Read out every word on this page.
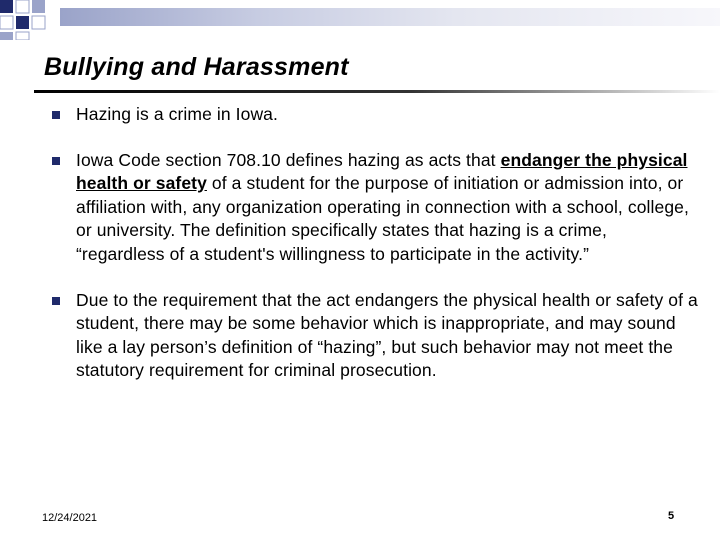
Bullying and Harassment
Hazing is a crime in Iowa.
Iowa Code section 708.10 defines hazing as acts that endanger the physical health or safety of a student for the purpose of initiation or admission into, or affiliation with, any organization operating in connection with a school, college, or university. The definition specifically states that hazing is a crime, “regardless of a student's willingness to participate in the activity.”
Due to the requirement that the act endangers the physical health or safety of a student, there may be some behavior which is inappropriate, and may sound like a lay person’s definition of “hazing”, but such behavior may not meet the statutory requirement for criminal prosecution.
12/24/2021	5
